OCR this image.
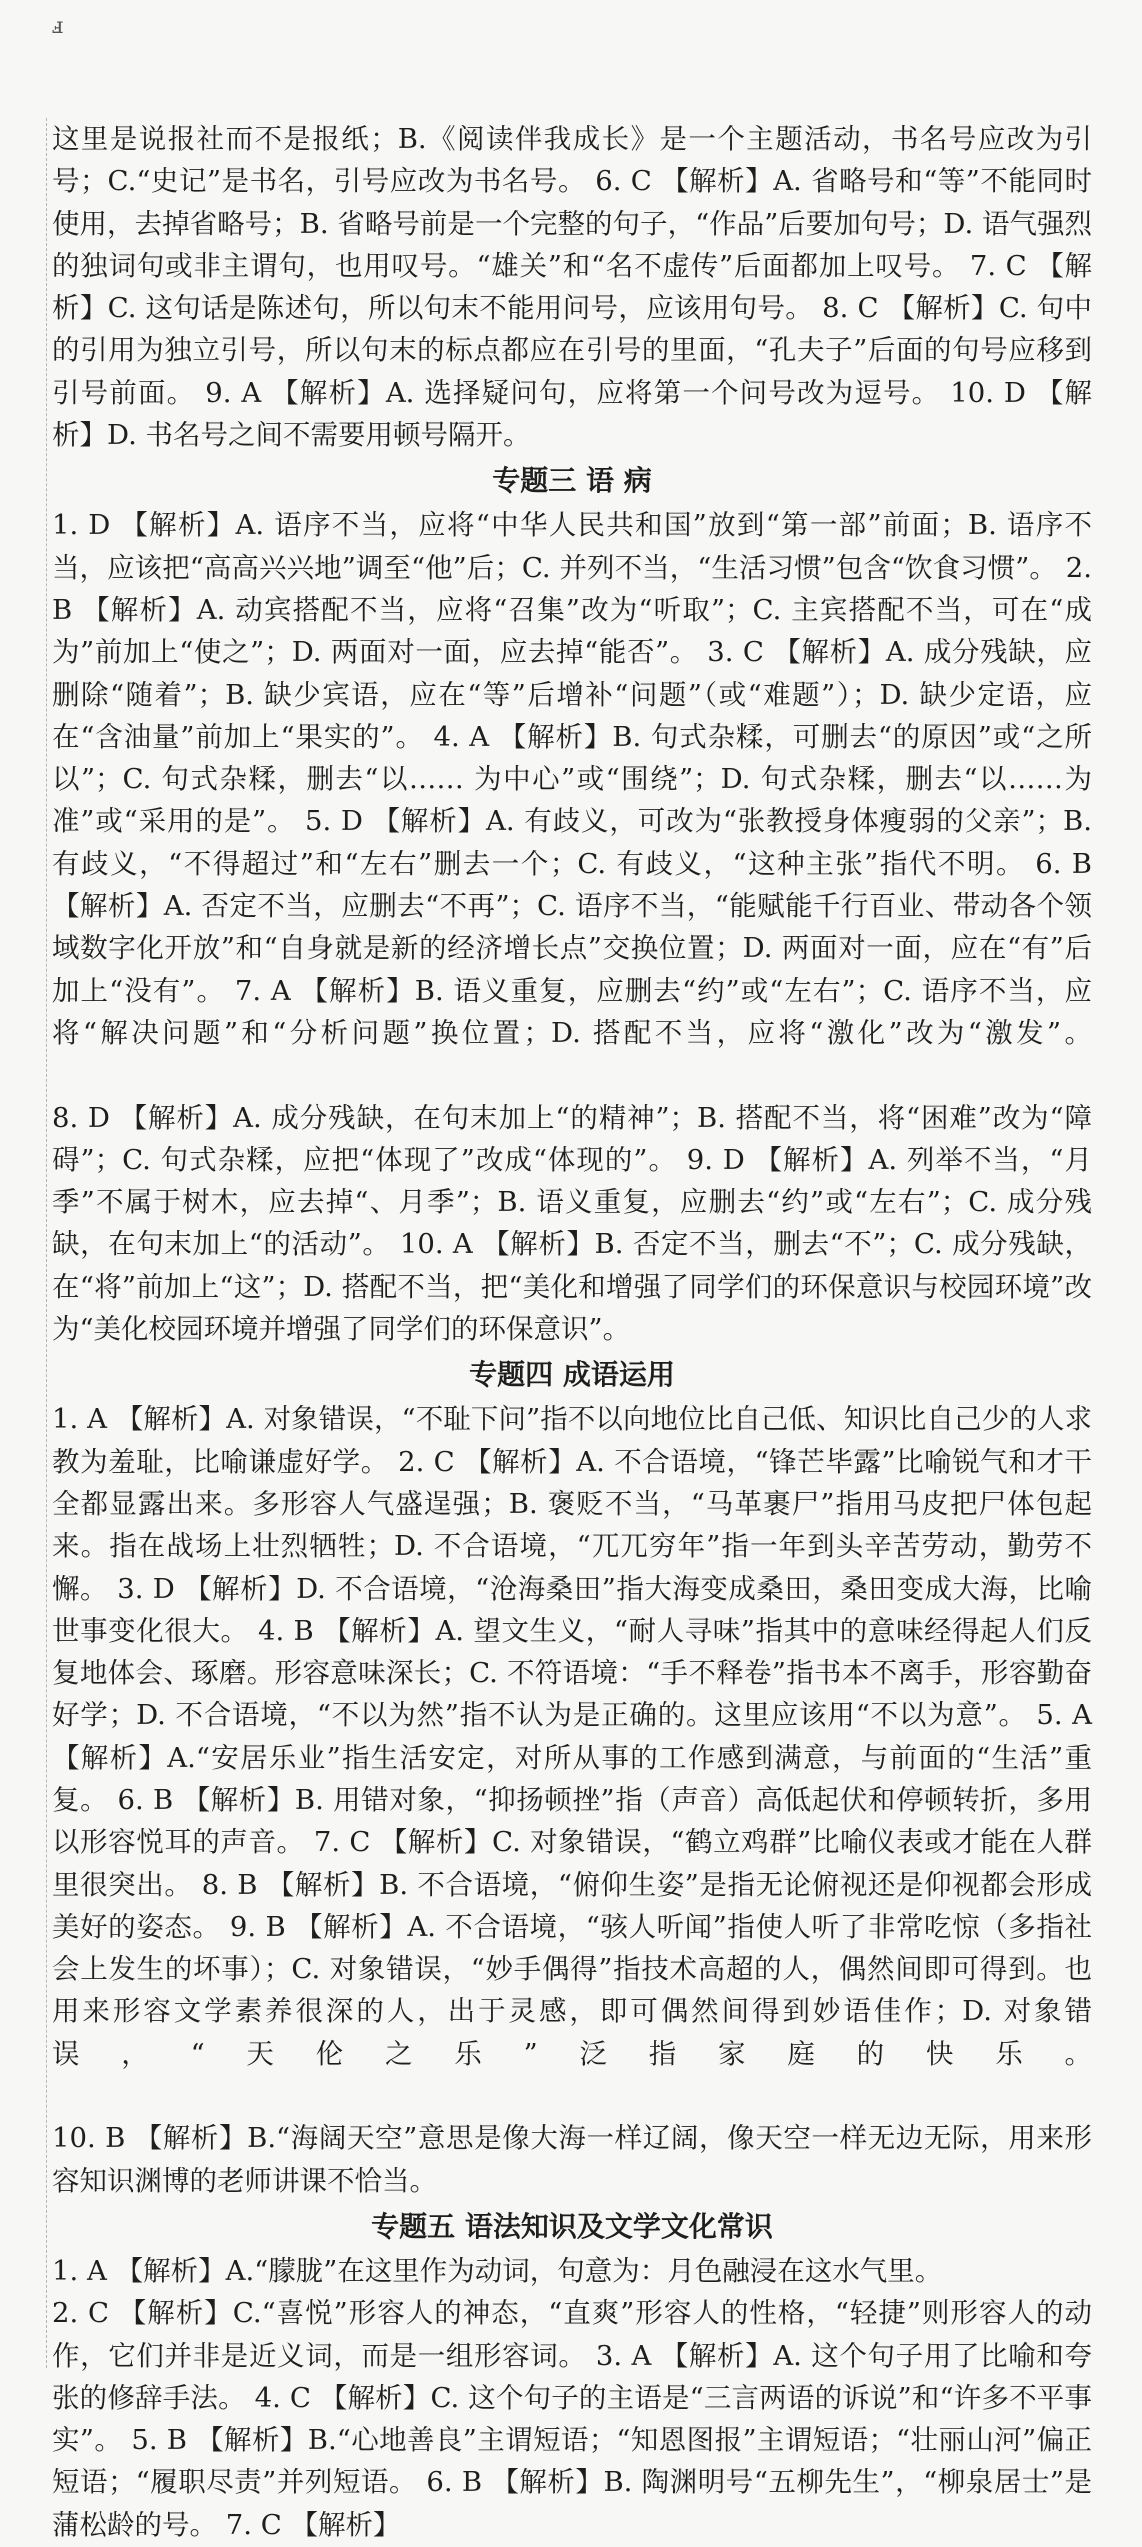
ⅎ

这里是说报社而不是报纸；B.《阅读伴我成长》是一个主题活动，书名号应改为引号；C.“史记”是书名，引号应改为书名号。 6. C 【解析】A. 省略号和“等”不能同时使用，去掉省略号；B. 省略号前是一个完整的句子，“作品”后要加句号；D. 语气强烈的独词句或非主谓句，也用叹号。“雄关”和“名不虚传”后面都加上叹号。 7. C 【解析】C. 这句话是陈述句，所以句末不能用问号，应该用句号。 8. C 【解析】C. 句中的引用为独立引号，所以句末的标点都应在引号的里面，“孔夫子”后面的句号应移到引号前面。 9. A 【解析】A. 选择疑问句，应将第一个问号改为逗号。 10. D 【解析】D. 书名号之间不需要用顿号隔开。

专题三 语 病

1. D 【解析】A. 语序不当，应将“中华人民共和国”放到“第一部”前面；B. 语序不当，应该把“高高兴兴地”调至“他”后；C. 并列不当，“生活习惯”包含“饮食习惯”。 2. B 【解析】A. 动宾搭配不当，应将“召集”改为“听取”；C. 主宾搭配不当，可在“成为”前加上“使之”；D. 两面对一面，应去掉“能否”。 3. C 【解析】A. 成分残缺，应删除“随着”；B. 缺少宾语，应在“等”后增补“问题”（或“难题”）；D. 缺少定语，应在“含油量”前加上“果实的”。 4. A 【解析】B. 句式杂糅，可删去“的原因”或“之所以”；C. 句式杂糅，删去“以…… 为中心”或“围绕”；D. 句式杂糅，删去“以……为准”或“采用的是”。 5. D 【解析】A. 有歧义，可改为“张教授身体瘦弱的父亲”；B. 有歧义，“不得超过”和“左右”删去一个；C. 有歧义，“这种主张”指代不明。 6. B 【解析】A. 否定不当，应删去“不再”；C. 语序不当，“能赋能千行百业、带动各个领域数字化开放”和“自身就是新的经济增长点”交换位置；D. 两面对一面，应在“有”后加上“没有”。 7. A 【解析】B. 语义重复，应删去“约”或“左右”；C. 语序不当，应将“解决问题”和“分析问题”换位置；D. 搭配不当，应将“激化”改为“激发”。

8. D 【解析】A. 成分残缺，在句末加上“的精神”；B. 搭配不当，将“困难”改为“障碍”；C. 句式杂糅，应把“体现了”改成“体现的”。 9. D 【解析】A. 列举不当，“月季”不属于树木，应去掉“、月季”；B. 语义重复，应删去“约”或“左右”；C. 成分残缺，在句末加上“的活动”。 10. A 【解析】B. 否定不当，删去“不”；C. 成分残缺，在“将”前加上“这”；D. 搭配不当，把“美化和增强了同学们的环保意识与校园环境”改为“美化校园环境并增强了同学们的环保意识”。

专题四 成语运用

1. A 【解析】A. 对象错误，“不耻下问”指不以向地位比自己低、知识比自己少的人求教为羞耻，比喻谦虚好学。 2. C 【解析】A. 不合语境，“锋芒毕露”比喻锐气和才干全都显露出来。多形容人气盛逞强；B. 褒贬不当，“马革裹尸”指用马皮把尸体包起来。指在战场上壮烈牺牲；D. 不合语境，“兀兀穷年”指一年到头辛苦劳动，勤劳不懈。 3. D 【解析】D. 不合语境，“沧海桑田”指大海变成桑田，桑田变成大海，比喻世事变化很大。 4. B 【解析】A. 望文生义，“耐人寻味”指其中的意味经得起人们反复地体会、琢磨。形容意味深长；C. 不符语境：“手不释卷”指书本不离手，形容勤奋好学；D. 不合语境，“不以为然”指不认为是正确的。这里应该用“不以为意”。 5. A 【解析】A.“安居乐业”指生活安定，对所从事的工作感到满意，与前面的“生活”重复。 6. B 【解析】B. 用错对象，“抑扬顿挫”指（声音）高低起伏和停顿转折，多用以形容悦耳的声音。 7. C 【解析】C. 对象错误，“鹤立鸡群”比喻仪表或才能在人群里很突出。 8. B 【解析】B. 不合语境，“俯仰生姿”是指无论俯视还是仰视都会形成美好的姿态。 9. B 【解析】A. 不合语境，“骇人听闻”指使人听了非常吃惊（多指社会上发生的坏事）；C. 对象错误，“妙手偶得”指技术高超的人，偶然间即可得到。也用来形容文学素养很深的人，出于灵感，即可偶然间得到妙语佳作；D. 对象错误，“天伦之乐”泛指家庭的快乐。

10. B 【解析】B.“海阔天空”意思是像大海一样辽阔，像天空一样无边无际，用来形容知识渊博的老师讲课不恰当。

专题五 语法知识及文学文化常识

1. A 【解析】A.“朦胧”在这里作为动词，句意为：月色融浸在这水气里。

2. C 【解析】C.“喜悦”形容人的神态，“直爽”形容人的性格，“轻捷”则形容人的动作，它们并非是近义词，而是一组形容词。 3. A 【解析】A. 这个句子用了比喻和夸张的修辞手法。 4. C 【解析】C. 这个句子的主语是“三言两语的诉说”和“许多不平事实”。 5. B 【解析】B.“心地善良”主谓短语；“知恩图报”主谓短语；“壮丽山河”偏正短语；“履职尽责”并列短语。 6. B 【解析】B. 陶渊明号“五柳先生”，“柳泉居士”是蒲松龄的号。 7. C 【解析】
